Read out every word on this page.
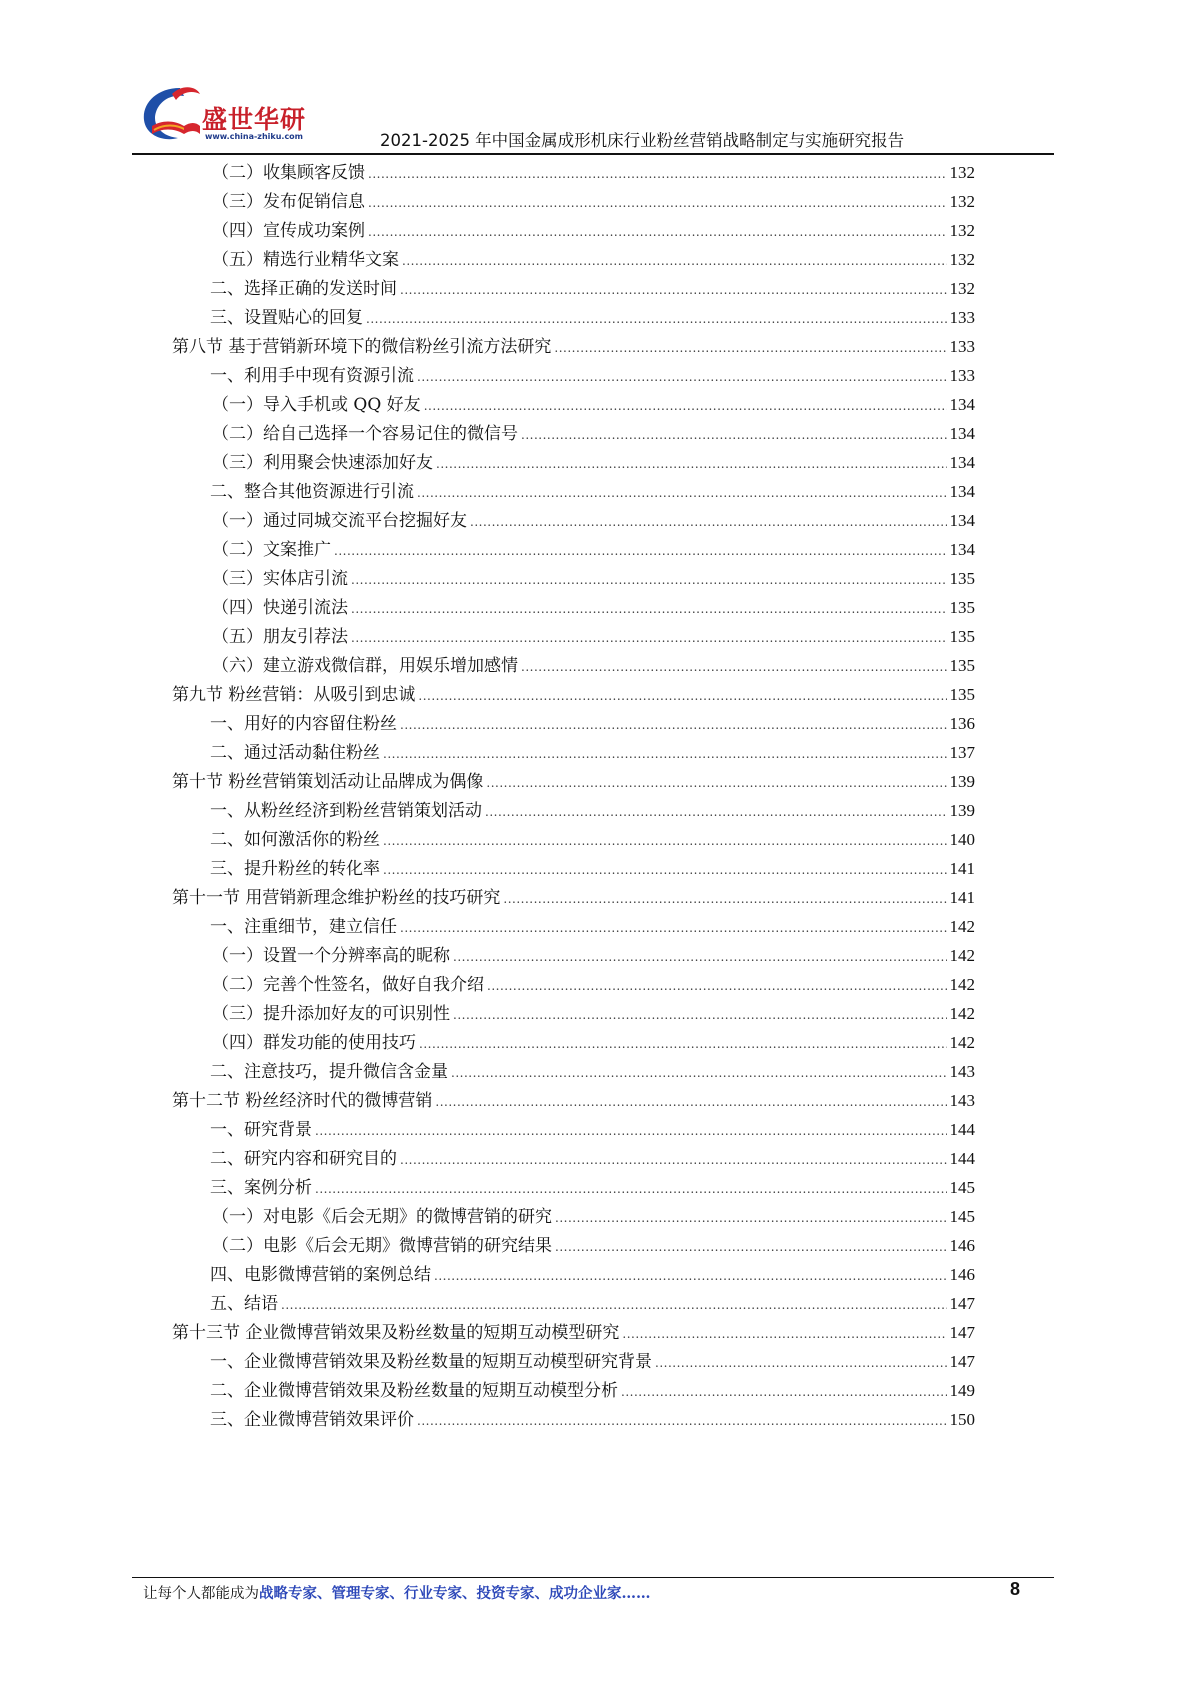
盛世华研
www.china-zhiku.com	2021-2025 年中国金属成形机床行业粉丝营销战略制定与实施研究报告
（二）收集顾客反馈 .....	132
（三）发布促销信息 .....	132
（四）宣传成功案例 .....	132
（五）精选行业精华文案 .....	132
二、选择正确的发送时间 .....	132
三、设置贴心的回复 .....	133
第八节 基于营销新环境下的微信粉丝引流方法研究 .....	133
一、利用手中现有资源引流 .....	133
（一）导入手机或 QQ 好友 .....	134
（二）给自己选择一个容易记住的微信号 .....	134
（三）利用聚会快速添加好友 .....	134
二、整合其他资源进行引流 .....	134
（一）通过同城交流平台挖掘好友 .....	134
（二）文案推广 .....	134
（三）实体店引流 .....	135
（四）快递引流法 .....	135
（五）朋友引荐法 .....	135
（六）建立游戏微信群，用娱乐增加感情 .....	135
第九节 粉丝营销：从吸引到忠诚 .....	135
一、用好的内容留住粉丝 .....	136
二、通过活动黏住粉丝 .....	137
第十节 粉丝营销策划活动让品牌成为偶像 .....	139
一、从粉丝经济到粉丝营销策划活动 .....	139
二、如何激活你的粉丝 .....	140
三、提升粉丝的转化率 .....	141
第十一节 用营销新理念维护粉丝的技巧研究 .....	141
一、注重细节，建立信任 .....	142
（一）设置一个分辨率高的昵称 .....	142
（二）完善个性签名，做好自我介绍 .....	142
（三）提升添加好友的可识别性 .....	142
（四）群发功能的使用技巧 .....	142
二、注意技巧，提升微信含金量 .....	143
第十二节 粉丝经济时代的微博营销 .....	143
一、研究背景 .....	144
二、研究内容和研究目的 .....	144
三、案例分析 .....	145
（一）对电影《后会无期》的微博营销的研究 .....	145
（二）电影《后会无期》微博营销的研究结果 .....	146
四、电影微博营销的案例总结 .....	146
五、结语 .....	147
第十三节 企业微博营销效果及粉丝数量的短期互动模型研究 .....	147
一、企业微博营销效果及粉丝数量的短期互动模型研究背景 .....	147
二、企业微博营销效果及粉丝数量的短期互动模型分析 .....	149
三、企业微博营销效果评价 .....	150
让每个人都能成为战略专家、管理专家、行业专家、投资专家、成功企业家……	8
